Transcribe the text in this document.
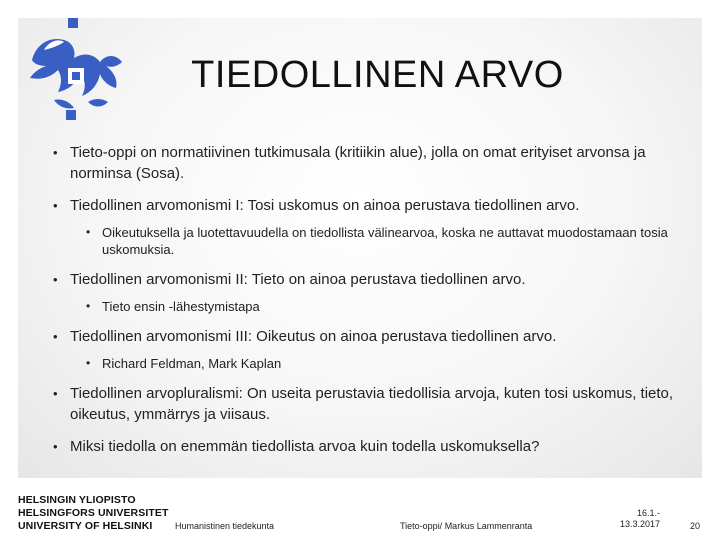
TIEDOLLINEN ARVO
• Tieto-oppi on normatiivinen tutkimusala (kritiikin alue), jolla on omat erityiset arvonsa ja norminsa (Sosa).
• Tiedollinen arvomonismi I: Tosi uskomus on ainoa perustava tiedollinen arvo.
• Oikeutuksella ja luotettavuudella on tiedollista välinearvoa, koska ne auttavat muodostamaan tosia uskomuksia.
• Tiedollinen arvomonismi II: Tieto on ainoa perustava tiedollinen arvo.
• Tieto ensin -lähestymistapa
• Tiedollinen arvomonismi III: Oikeutus on ainoa perustava tiedollinen arvo.
• Richard Feldman, Mark Kaplan
• Tiedollinen arvopluralismi: On useita perustavia tiedollisia arvoja, kuten tosi uskomus, tieto, oikeutus, ymmärrys ja viisaus.
• Miksi tiedolla on enemmän tiedollista arvoa kuin todella uskomuksella?
HELSINGIN YLIOPISTO
HELSINGFORS UNIVERSITET
UNIVERSITY OF HELSINKI	Humanistinen tiedekunta	Tieto-oppi/ Markus Lammenranta
16.1.-
13.3.2017	20
